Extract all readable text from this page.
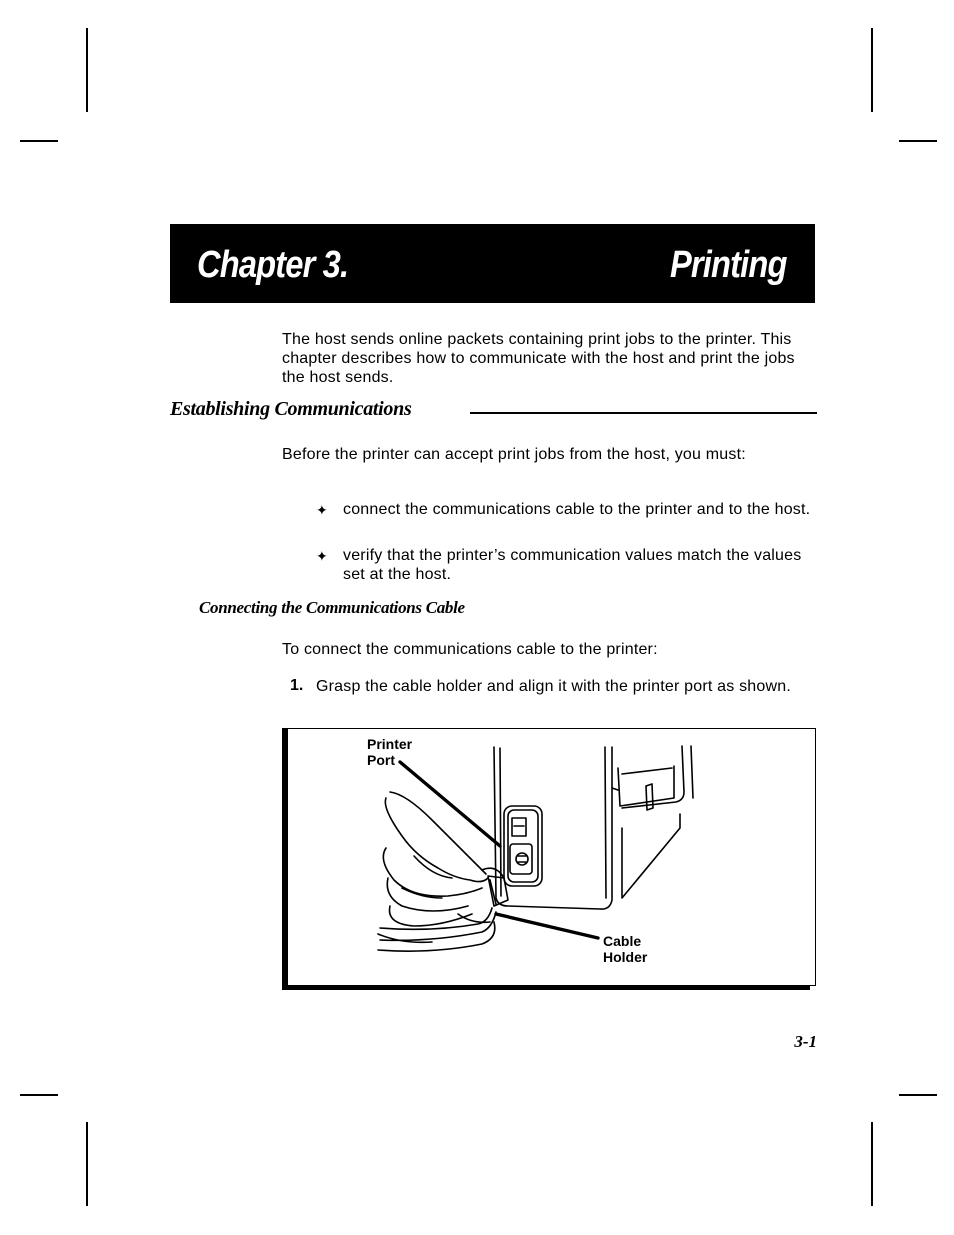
Chapter 3.	Printing
The host sends online packets containing print jobs to the printer. This chapter describes how to communicate with the host and print the jobs the host sends.
Establishing Communications
Before the printer can accept print jobs from the host, you must:
✦ connect the communications cable to the printer and to the host.
✦ verify that the printer’s communication values match the values set at the host.
Connecting the Communications Cable
To connect the communications cable to the printer:
1. Grasp the cable holder and align it with the printer port as shown.
Printer
Port
Cable
Holder
3-1
